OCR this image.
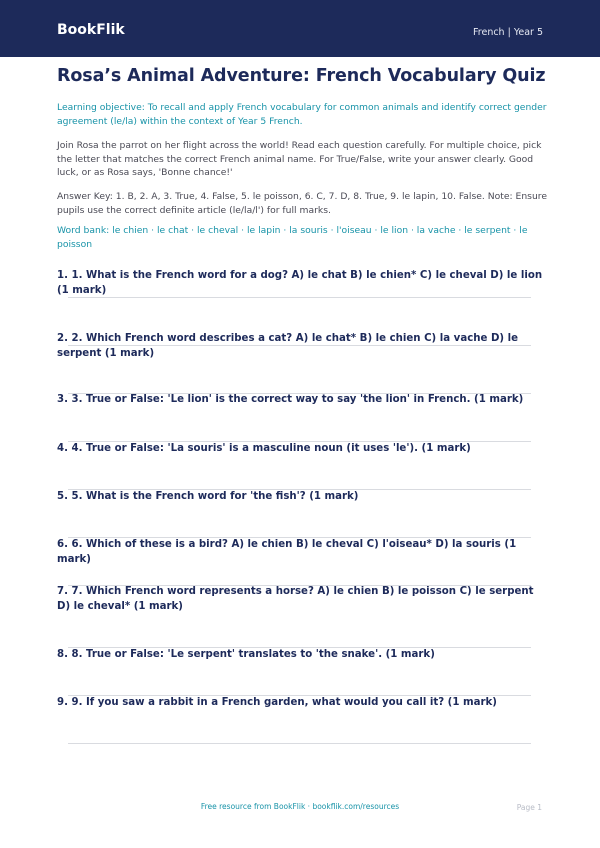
BookFlik	French | Year 5
Rosa’s Animal Adventure: French Vocabulary Quiz
Learning objective: To recall and apply French vocabulary for common animals and identify correct gender agreement (le/la) within the context of Year 5 French.
Join Rosa the parrot on her flight across the world! Read each question carefully. For multiple choice, pick the letter that matches the correct French animal name. For True/False, write your answer clearly. Good luck, or as Rosa says, 'Bonne chance!'
Answer Key: 1. B, 2. A, 3. True, 4. False, 5. le poisson, 6. C, 7. D, 8. True, 9. le lapin, 10. False. Note: Ensure pupils use the correct definite article (le/la/l') for full marks.
Word bank: le chien · le chat · le cheval · le lapin · la souris · l'oiseau · le lion · la vache · le serpent · le poisson
1. 1. What is the French word for a dog? A) le chat B) le chien* C) le cheval D) le lion (1 mark)
2. 2. Which French word describes a cat? A) le chat* B) le chien C) la vache D) le serpent (1 mark)
3. 3. True or False: 'Le lion' is the correct way to say 'the lion' in French. (1 mark)
4. 4. True or False: 'La souris' is a masculine noun (it uses 'le'). (1 mark)
5. 5. What is the French word for 'the fish'? (1 mark)
6. 6. Which of these is a bird? A) le chien B) le cheval C) l'oiseau* D) la souris (1 mark)
7. 7. Which French word represents a horse? A) le chien B) le poisson C) le serpent D) le cheval* (1 mark)
8. 8. True or False: 'Le serpent' translates to 'the snake'. (1 mark)
9. 9. If you saw a rabbit in a French garden, what would you call it? (1 mark)
Free resource from BookFlik · bookflik.com/resources	Page 1
